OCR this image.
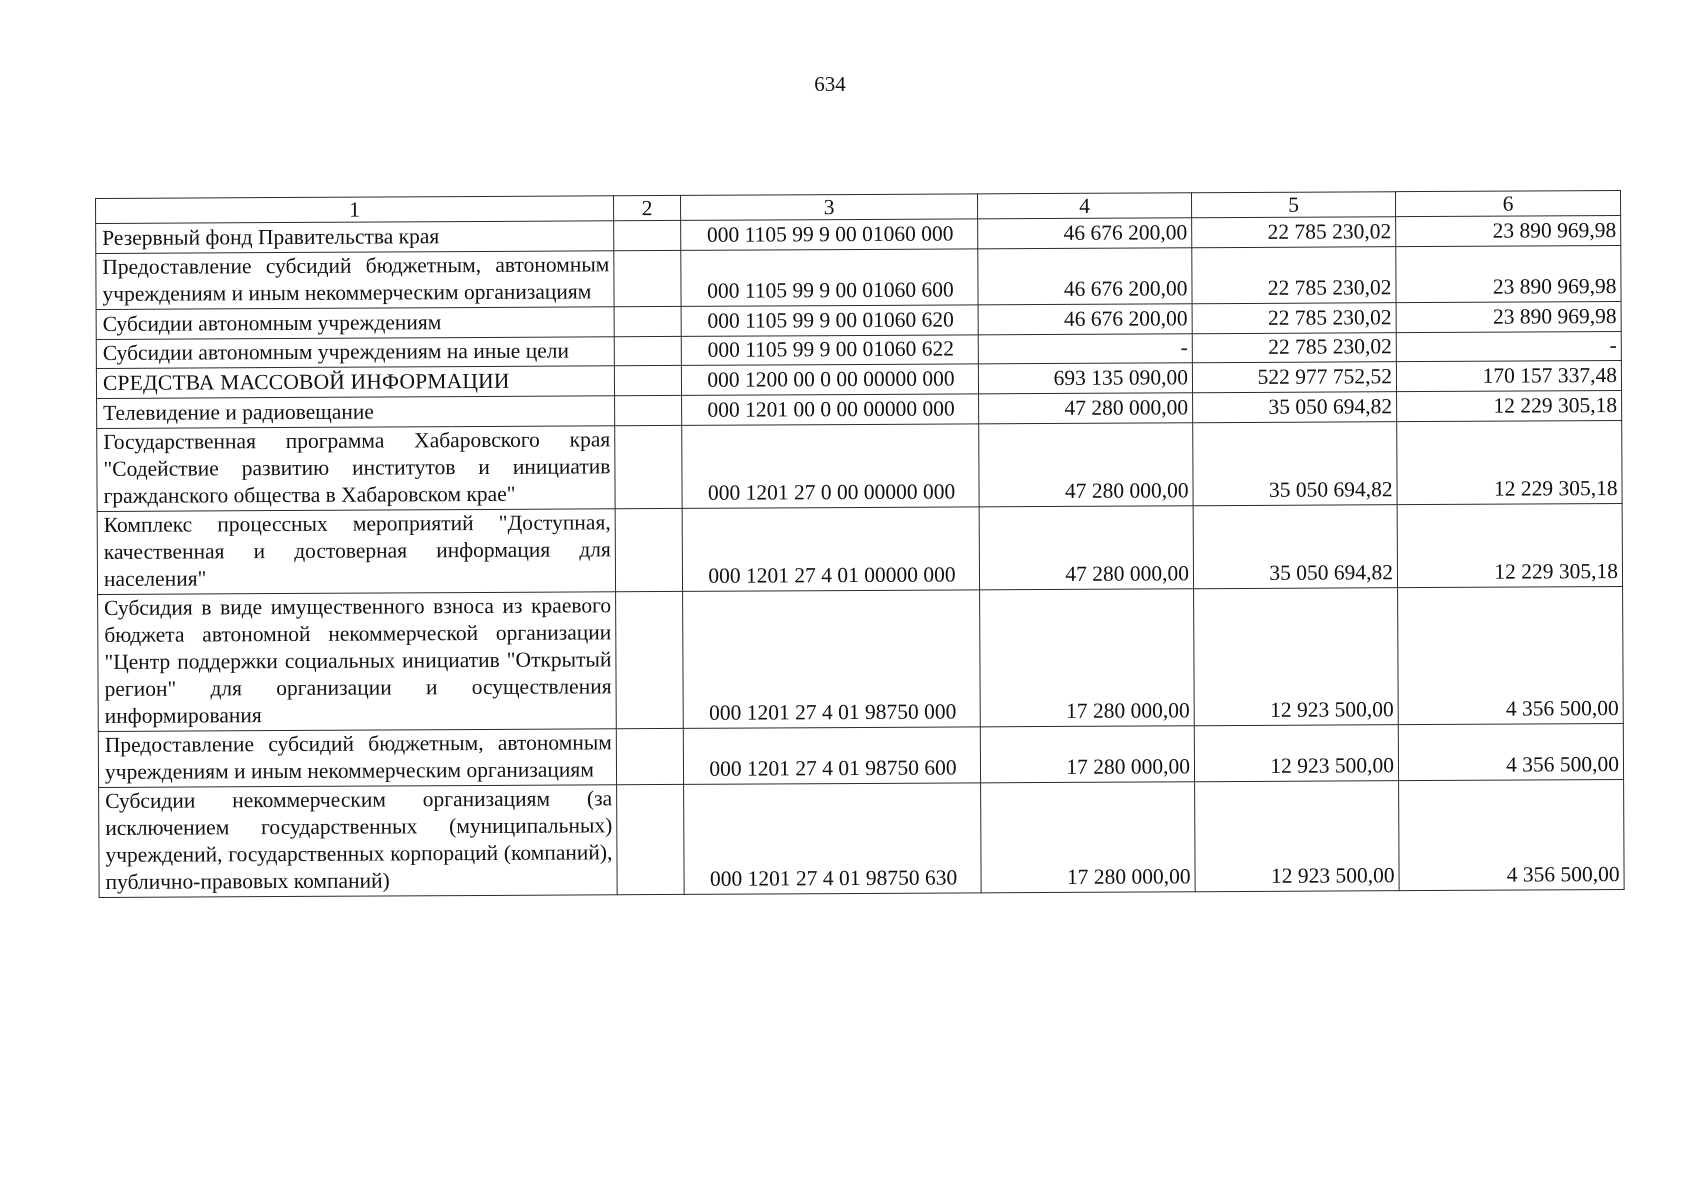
634
1	2	3	4	5	6
Резервный фонд Правительства края		000 1105 99 9 00 01060 000	46 676 200,00	22 785 230,02	23 890 969,98
Предоставление субсидий бюджетным, автономным учреждениям и иным некоммерческим организациям		000 1105 99 9 00 01060 600	46 676 200,00	22 785 230,02	23 890 969,98
Субсидии автономным учреждениям		000 1105 99 9 00 01060 620	46 676 200,00	22 785 230,02	23 890 969,98
Субсидии автономным учреждениям на иные цели		000 1105 99 9 00 01060 622	-	22 785 230,02	-
СРЕДСТВА МАССОВОЙ ИНФОРМАЦИИ		000 1200 00 0 00 00000 000	693 135 090,00	522 977 752,52	170 157 337,48
Телевидение и радиовещание		000 1201 00 0 00 00000 000	47 280 000,00	35 050 694,82	12 229 305,18
Государственная программа Хабаровского края "Содействие развитию институтов и инициатив гражданского общества в Хабаровском крае"		000 1201 27 0 00 00000 000	47 280 000,00	35 050 694,82	12 229 305,18
Комплекс процессных мероприятий "Доступная, качественная и достоверная информация для населения"		000 1201 27 4 01 00000 000	47 280 000,00	35 050 694,82	12 229 305,18
Субсидия в виде имущественного взноса из краевого бюджета автономной некоммерческой организации "Центр поддержки социальных инициатив "Открытый регион" для организации и осуществления информирования		000 1201 27 4 01 98750 000	17 280 000,00	12 923 500,00	4 356 500,00
Предоставление субсидий бюджетным, автономным учреждениям и иным некоммерческим организациям		000 1201 27 4 01 98750 600	17 280 000,00	12 923 500,00	4 356 500,00
Субсидии некоммерческим организациям (за исключением государственных (муниципальных) учреждений, государственных корпораций (компаний), публично-правовых компаний)		000 1201 27 4 01 98750 630	17 280 000,00	12 923 500,00	4 356 500,00
